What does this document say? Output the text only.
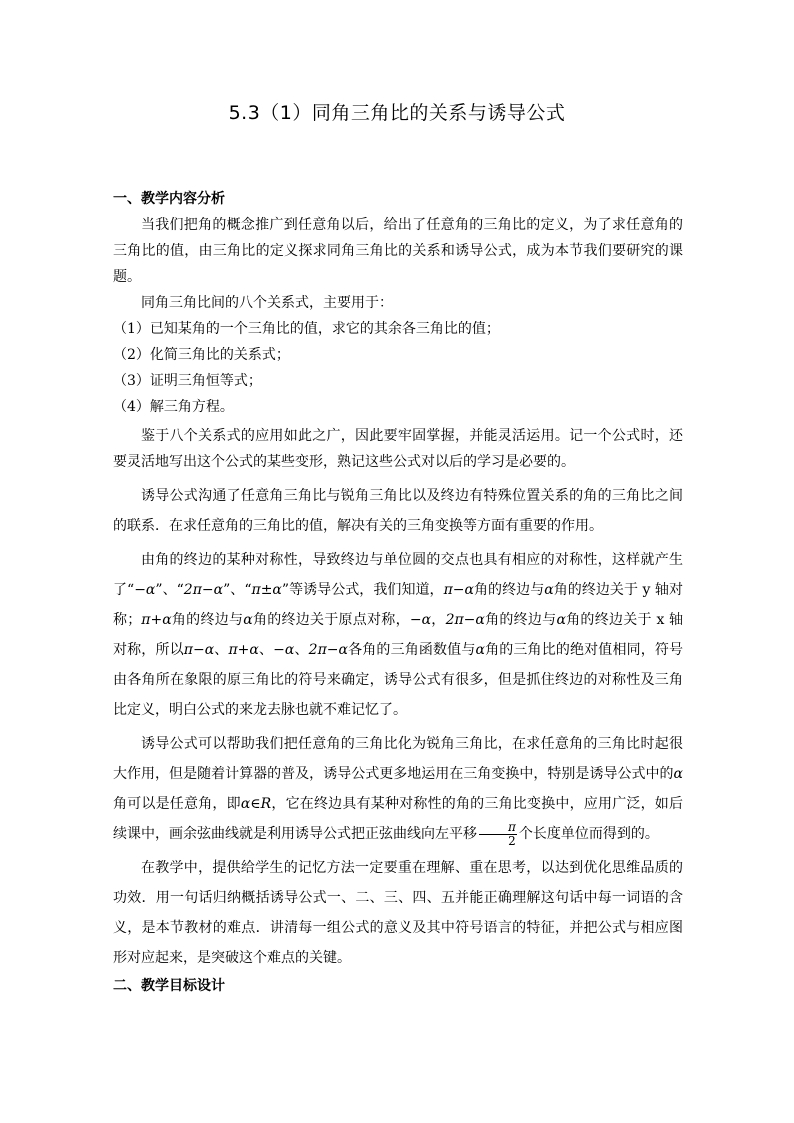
5.3（1）同角三角比的关系与诱导公式
一、教学内容分析
当我们把角的概念推广到任意角以后，给出了任意角的三角比的定义，为了求任意角的三角比的值，由三角比的定义探求同角三角比的关系和诱导公式，成为本节我们要研究的课题。
同角三角比间的八个关系式，主要用于：
（1）已知某角的一个三角比的值，求它的其余各三角比的值；
（2）化简三角比的关系式；
（3）证明三角恒等式；
（4）解三角方程。
鉴于八个关系式的应用如此之广，因此要牢固掌握，并能灵活运用。记一个公式时，还要灵活地写出这个公式的某些变形，熟记这些公式对以后的学习是必要的。
诱导公式沟通了任意角三角比与锐角三角比以及终边有特殊位置关系的角的三角比之间的联系．在求任意角的三角比的值，解决有关的三角变换等方面有重要的作用。
由角的终边的某种对称性，导致终边与单位圆的交点也具有相应的对称性，这样就产生了“−α”、“2π−α”、“π±α”等诱导公式，我们知道，π−α角的终边与α角的终边关于 y 轴对称；π+α角的终边与α角的终边关于原点对称，−α，2π−α角的终边与α角的终边关于 x 轴对称，所以π−α、π+α、−α、2π−α各角的三角函数值与α角的三角比的绝对值相同，符号由各角所在象限的原三角比的符号来确定，诱导公式有很多，但是抓住终边的对称性及三角比定义，明白公式的来龙去脉也就不难记忆了。
诱导公式可以帮助我们把任意角的三角比化为锐角三角比，在求任意角的三角比时起很大作用，但是随着计算器的普及，诱导公式更多地运用在三角变换中，特别是诱导公式中的α角可以是任意角，即α∈R，它在终边具有某种对称性的角的三角比变换中，应用广泛，如后续课中，画余弦曲线就是利用诱导公式把正弦曲线向左平移 $\frac{\pi}{2}$ 个长度单位而得到的。
在教学中，提供给学生的记忆方法一定要重在理解、重在思考，以达到优化思维品质的功效．用一句话归纳概括诱导公式一、二、三、四、五并能正确理解这句话中每一词语的含义，是本节教材的难点．讲清每一组公式的意义及其中符号语言的特征，并把公式与相应图形对应起来，是突破这个难点的关键。
二、教学目标设计
